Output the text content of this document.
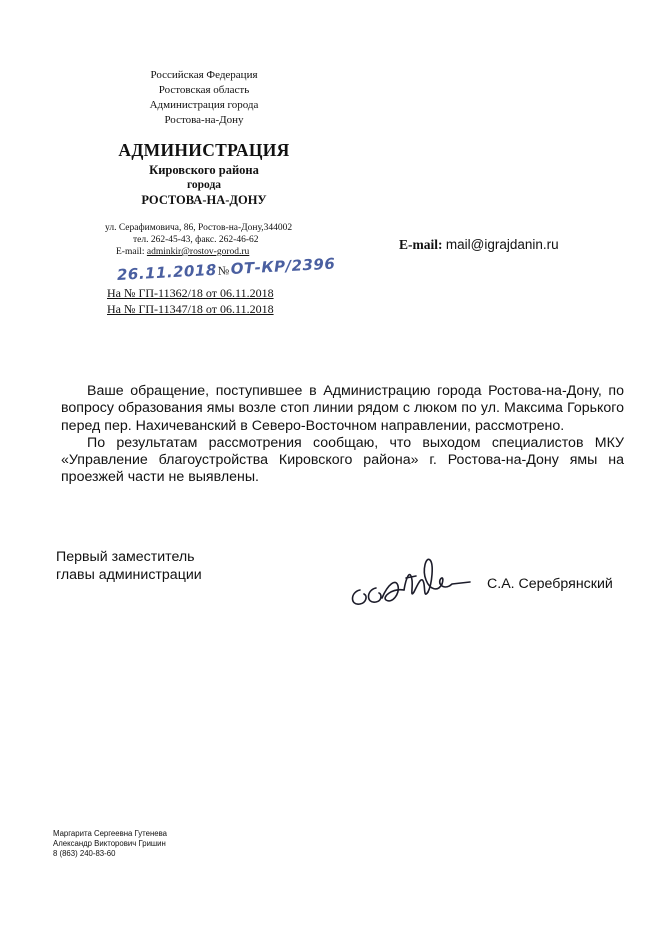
Российская Федерация
Ростовская область
Администрация города
Ростова-на-Дону
АДМИНИСТРАЦИЯ
Кировского района
города
РОСТОВА-НА-ДОНУ
ул. Серафимовича, 86, Ростов-на-Дону,344002
тел. 262-45-43, факс. 262-46-62
E-mail: adminkir@rostov-gorod.ru
26.11.2018№ОТ-КР/2396
На № ГП-11362/18 от 06.11.2018
На № ГП-11347/18 от 06.11.2018
E-mail: mail@igrajdanin.ru

Ваше обращение, поступившее в Администрацию города Ростова-на-Дону, по вопросу образования ямы возле стоп линии рядом с люком по ул. Максима Горького перед пер. Нахичеванский в Северо-Восточном направлении, рассмотрено.

По результатам рассмотрения сообщаю, что выходом специалистов МКУ «Управление благоустройства Кировского района» г. Ростова-на-Дону ямы на проезжей части не выявлены.

Первый заместитель
главы администрации
С.А. Серебрянский
Маргарита Сергеевна Гутенева
Александр Викторович Гришин
8 (863) 240-83-60
